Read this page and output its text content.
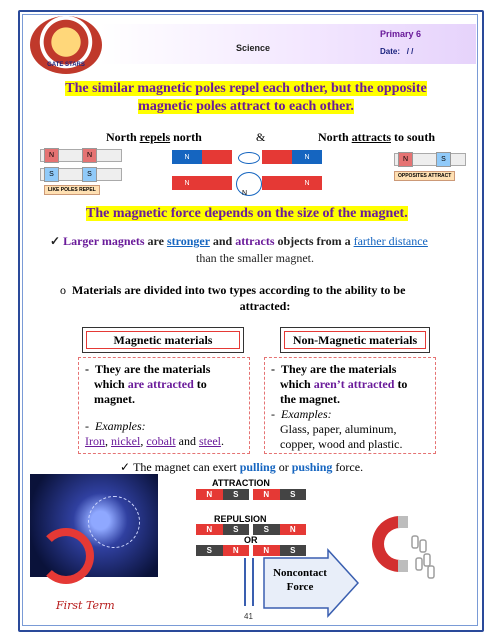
GATE STARS
Science
Primary 6
Date: / /
The similar magnetic poles repel each other, but the opposite
magnetic poles attract to each other.
North repels north	&	North attracts to south
N	N
S	S
LIKE POLES REPEL
N	N
N	N
N
N	S
OPPOSITES ATTRACT
The magnetic force depends on the size of the magnet.
✓ Larger magnets are stronger and attracts objects from a farther distance

than the smaller magnet.
o Materials are divided into two types according to the ability to be

attracted:
Magnetic materials	Non-Magnetic materials
- They are the materials
which are attracted to
magnet.
- Examples:
Iron, nickel, cobalt and steel.
- They are the materials
which aren’t attracted to
the magnet.
- Examples:
Glass, paper, aluminum,
copper, wood and plastic.
✓ The magnet can exert pulling or pushing force.
ATTRACTION
N	S	N	S
REPULSION
N	S	S	N
OR
S	N	N	S
Noncontact
Force
First Term
41
